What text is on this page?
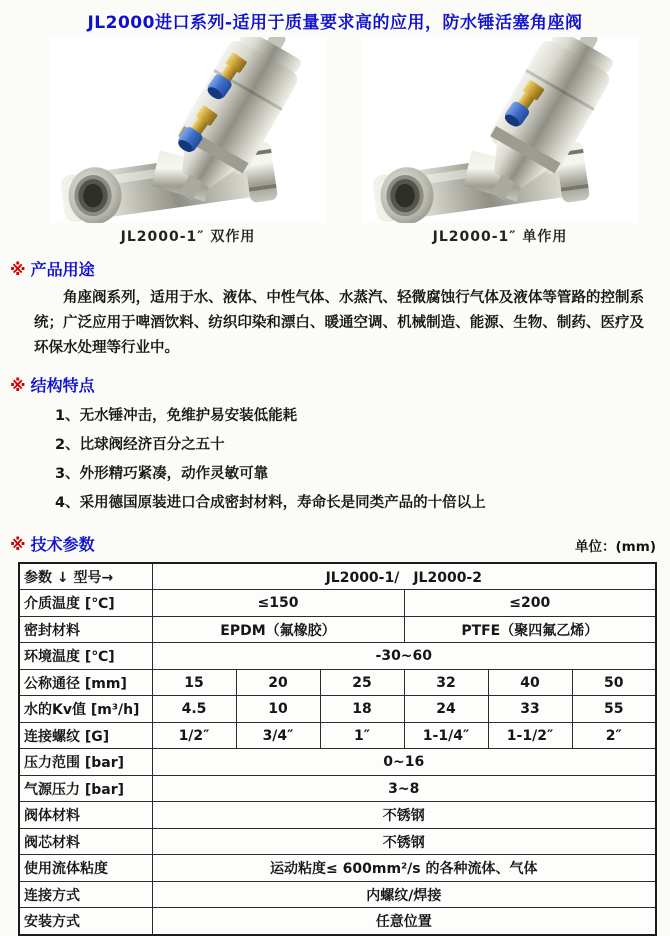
JL2000进口系列-适用于质量要求高的应用，防水锤活塞角座阀
JL2000-1″ 双作用	JL2000-1″ 单作用
※ 产品用途
角座阀系列，适用于水、液体、中性气体、水蒸汽、轻微腐蚀行气体及液体等管路的控制系统；广泛应用于啤酒饮料、纺织印染和漂白、暖通空调、机械制造、能源、生物、制药、医疗及环保水处理等行业中。
※ 结构特点
1、无水锤冲击，免维护易安装低能耗
2、比球阀经济百分之五十
3、外形精巧紧凑，动作灵敏可靠
4、采用德国原装进口合成密封材料，寿命长是同类产品的十倍以上
※ 技术参数	单位：(mm)
参数 ↓ 型号→	JL2000-1/　JL2000-2					
介质温度 [℃]	≤150			≤200		
密封材料	EPDM（氟橡胶）			PTFE（聚四氟乙烯）		
环境温度 [℃]	-30~60					
公称通径 [mm]	15	20	25	32	40	50
水的Kv值 [m³/h]	4.5	10	18	24	33	55
连接螺纹 [G]	1/2″	3/4″	1″	1-1/4″	1-1/2″	2″
压力范围 [bar]	0~16					
气源压力 [bar]	3~8					
阀体材料	不锈钢					
阀芯材料	不锈钢					
使用流体粘度	运动粘度≤ 600mm²/s 的各种流体、气体					
连接方式	内螺纹/焊接					
安装方式	任意位置					
